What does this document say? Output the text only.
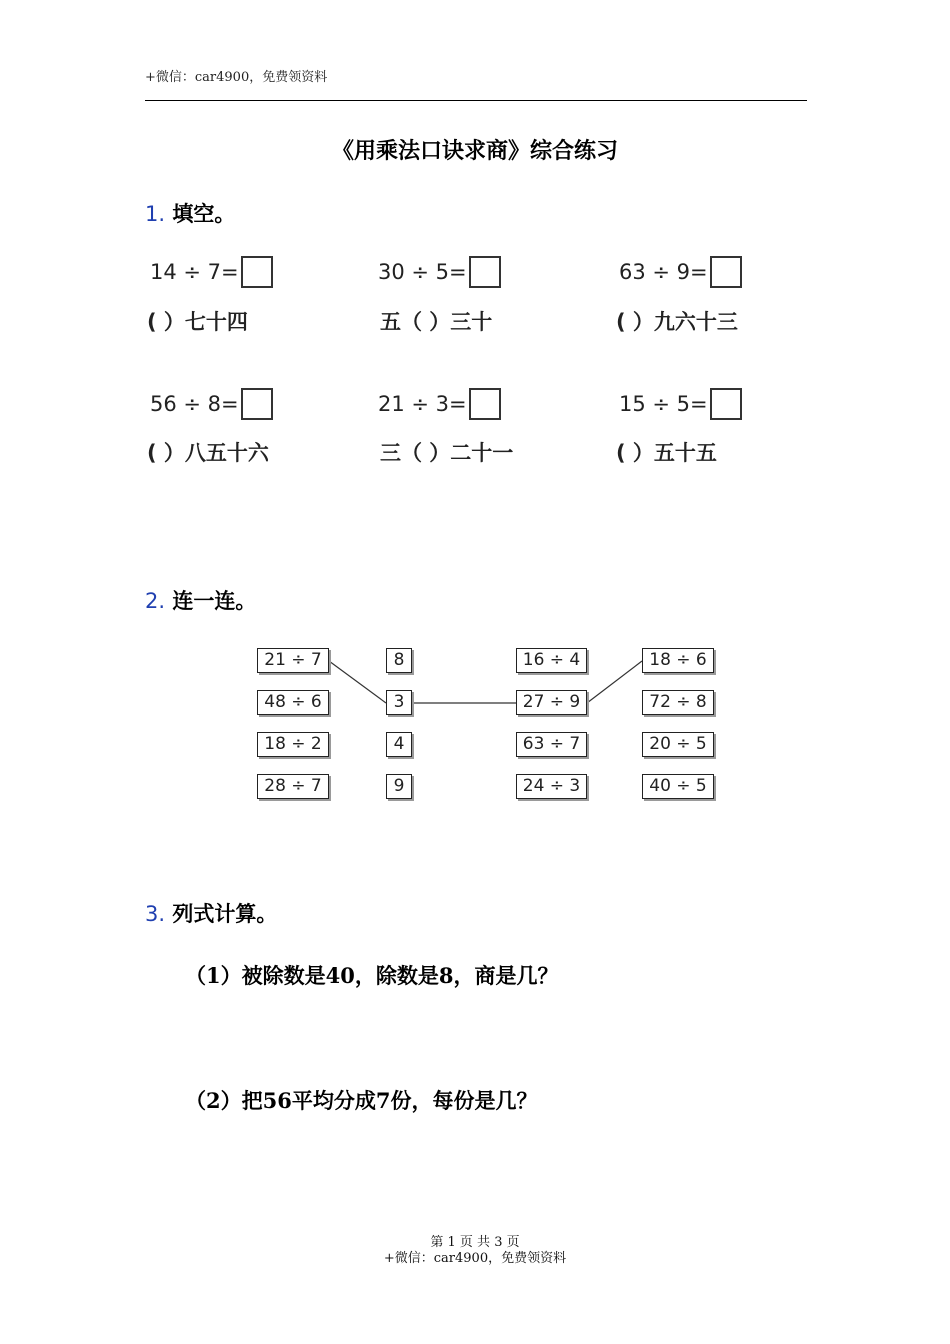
+微信：car4900，免费领资料
《用乘法口诀求商》综合练习
1. 填空。
14 ÷ 7=
( ）七十四
30 ÷ 5=
五（ ）三十
63 ÷ 9=
( ）九六十三
56 ÷ 8=
( ）八五十六
21 ÷ 3=
三（ ）二十一
15 ÷ 5=
( ）五十五
2. 连一连。
21 ÷ 7
48 ÷ 6
18 ÷ 2
28 ÷ 7
8
3
4
9
16 ÷ 4
27 ÷ 9
63 ÷ 7
24 ÷ 3
18 ÷ 6
72 ÷ 8
20 ÷ 5
40 ÷ 5
3. 列式计算。
（1）被除数是40，除数是8，商是几？
（2）把56平均分成7份，每份是几？
第 1 页 共 3 页
+微信：car4900，免费领资料
